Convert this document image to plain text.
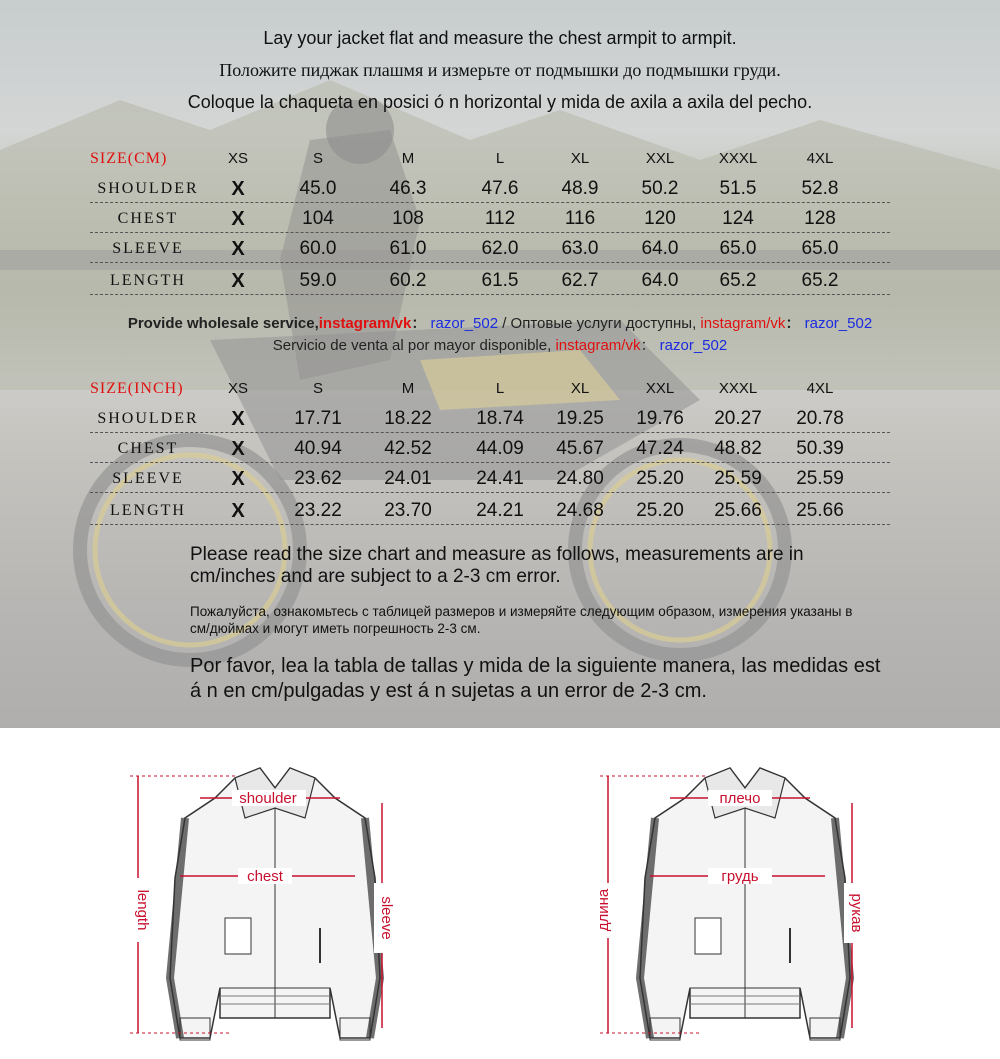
Lay your jacket flat and measure the chest armpit to armpit.
Положите пиджак плашмя и измерьте от подмышки до подмышки груди.
Coloque la chaqueta en posici ó n horizontal y mida de axila a axila del pecho.
SIZE(CM)	XS	S	M	L	XL	XXL	XXXL	4XL
SHOULDER	X	45.0	46.3	47.6	48.9	50.2	51.5	52.8
CHEST	X	104	108	112	116	120	124	128
SLEEVE	X	60.0	61.0	62.0	63.0	64.0	65.0	65.0
LENGTH	X	59.0	60.2	61.5	62.7	64.0	65.2	65.2
Provide wholesale service,instagram/vk： razor_502 / Оптовые услуги доступны, instagram/vk： razor_502
Servicio de venta al por mayor disponible, instagram/vk： razor_502
SIZE(INCH)	XS	S	M	L	XL	XXL	XXXL	4XL
SHOULDER	X	17.71	18.22	18.74	19.25	19.76	20.27	20.78
CHEST	X	40.94	42.52	44.09	45.67	47.24	48.82	50.39
SLEEVE	X	23.62	24.01	24.41	24.80	25.20	25.59	25.59
LENGTH	X	23.22	23.70	24.21	24.68	25.20	25.66	25.66
Please read the size chart and measure as follows, measurements are in cm/inches and are subject to a 2-3 cm error.
Пожалуйста, ознакомьтесь с таблицей размеров и измеряйте следующим образом, измерения указаны в см/дюймах и могут иметь погрешность 2-3 см.
Por favor, lea la tabla de tallas y mida de la siguiente manera, las medidas est á n en cm/pulgadas y est á n sujetas a un error de 2-3 cm.
shoulder
chest
length	sleeve
плечо
грудь
длина	рукав
